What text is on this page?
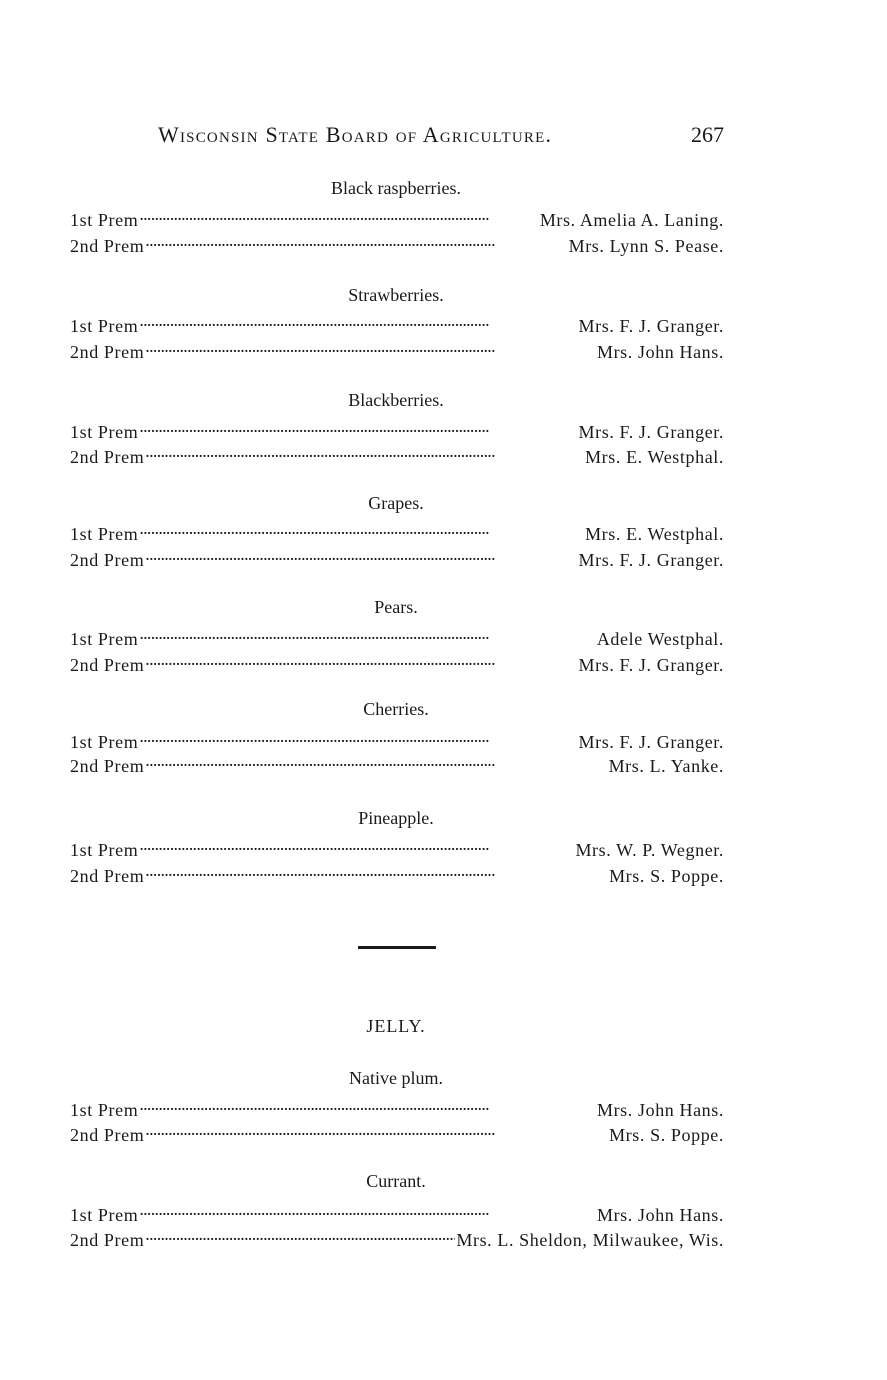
Wisconsin State Board of Agriculture.	267
Black raspberries.
1st Prem . . .	Mrs. Amelia A. Laning.
2nd Prem . . .	Mrs. Lynn S. Pease.
Strawberries.
1st Prem . . .	Mrs. F. J. Granger.
2nd Prem . . .	Mrs. John Hans.
Blackberries.
1st Prem . . .	Mrs. F. J. Granger.
2nd Prem . . .	Mrs. E. Westphal.
Grapes.
1st Prem . . .	Mrs. E. Westphal.
2nd Prem . . .	Mrs. F. J. Granger.
Pears.
1st Prem . . .	Adele Westphal.
2nd Prem . . .	Mrs. F. J. Granger.
Cherries.
1st Prem . . .	Mrs. F. J. Granger.
2nd Prem . . .	Mrs. L. Yanke.
Pineapple.
1st Prem . . .	Mrs. W. P. Wegner.
2nd Prem . . .	Mrs. S. Poppe.
JELLY.
Native plum.
1st Prem . . .	Mrs. John Hans.
2nd Prem . . .	Mrs. S. Poppe.
Currant.
1st Prem . . .	Mrs. John Hans.
2nd Prem . . .	Mrs. L. Sheldon, Milwaukee, Wis.
